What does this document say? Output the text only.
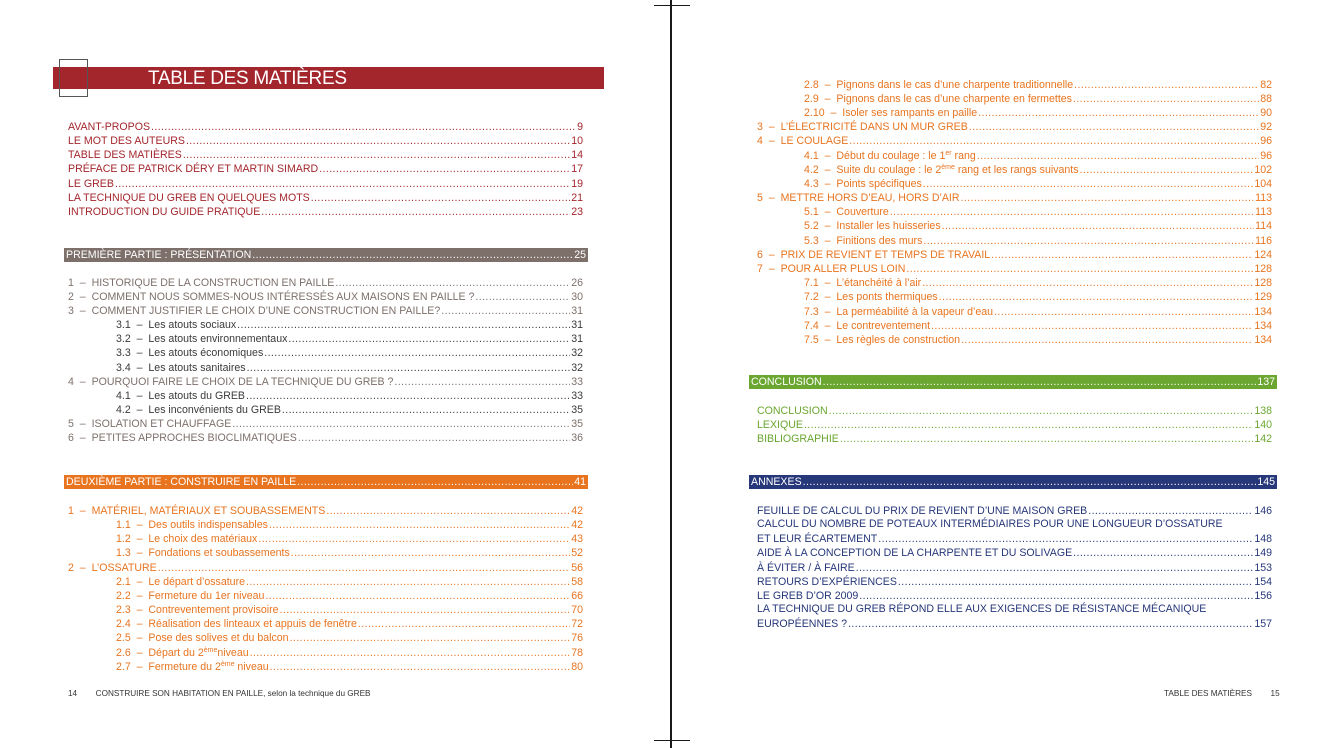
TABLE DES MATIÈRES
AVANT-PROPOS .....	9
LE MOT DES AUTEURS .....	10
TABLE DES MATIÈRES .....	14
PRÉFACE DE PATRICK DÉRY ET MARTIN SIMARD .....	17
LE GREB .....	19
LA TECHNIQUE DU GREB EN QUELQUES MOTS .....	21
INTRODUCTION DU GUIDE PRATIQUE .....	23
PREMIÈRE PARTIE : PRÉSENTATION .....	25
1  –  HISTORIQUE DE LA CONSTRUCTION EN PAILLE .....	26
2  –  COMMENT NOUS SOMMES-NOUS INTÉRESSÉS AUX MAISONS EN PAILLE ? .....	30
3  –  COMMENT JUSTIFIER LE CHOIX D’UNE CONSTRUCTION EN PAILLE? .....	31
3.1  –  Les atouts sociaux .....	31
3.2  –  Les atouts environnementaux .....	31
3.3  –  Les atouts économiques .....	32
3.4  –  Les atouts sanitaires .....	32
4  –  POURQUOI FAIRE LE CHOIX DE LA TECHNIQUE DU GREB ? .....	33
4.1  –  Les atouts du GREB .....	33
4.2  –  Les inconvénients du GREB .....	35
5  –  ISOLATION ET CHAUFFAGE .....	35
6  –  PETITES APPROCHES BIOCLIMATIQUES .....	36
DEUXIÈME PARTIE : CONSTRUIRE EN PAILLE .....	41
1  –  MATÉRIEL, MATÉRIAUX ET SOUBASSEMENTS .....	42
1.1  –  Des outils indispensables .....	42
1.2  –  Le choix des matériaux .....	43
1.3  –  Fondations et soubassements .....	52
2  –  L’OSSATURE .....	56
2.1  –  Le départ d’ossature .....	58
2.2  –  Fermeture du 1er niveau .....	66
2.3  –  Contreventement provisoire .....	70
2.4  –  Réalisation des linteaux et appuis de fenêtre .....	72
2.5  –  Pose des solives et du balcon .....	76
2.6  –  Départ du 2èmeniveau .....	78
2.7  –  Fermeture du 2ème niveau .....	80
14 CONSTRUIRE SON HABITATION EN PAILLE, selon la technique du GREB
2.8  –  Pignons dans le cas d’une charpente traditionnelle .....	82
2.9  –  Pignons dans le cas d’une charpente en fermettes .....	88
2.10  –  Isoler ses rampants en paille .....	90
3  –  L’ÉLECTRICITÉ DANS UN MUR GREB .....	92
4  –  LE COULAGE .....	96
4.1  –  Début du coulage : le 1er rang .....	96
4.2  –  Suite du coulage : le 2ème rang et les rangs suivants .....	102
4.3  –  Points spécifiques .....	104
5  –  METTRE HORS D’EAU, HORS D’AIR .....	113
5.1  –  Couverture .....	113
5.2  –  Installer les huisseries .....	114
5.3  –  Finitions des murs .....	116
6  –  PRIX DE REVIENT ET TEMPS DE TRAVAIL .....	124
7  –  POUR ALLER PLUS LOIN .....	128
7.1  –  L’étanchéité à l’air .....	128
7.2  –  Les ponts thermiques .....	129
7.3  –  La perméabilité à la vapeur d’eau .....	134
7.4  –  Le contreventement .....	134
7.5  –  Les règles de construction .....	134
CONCLUSION .....	137
CONCLUSION .....	138
LEXIQUE .....	140
BIBLIOGRAPHIE .....	142
ANNEXES .....	145
FEUILLE DE CALCUL DU PRIX DE REVIENT D’UNE MAISON GREB .....	146
CALCUL DU NOMBRE DE POTEAUX INTERMÉDIAIRES POUR UNE LONGUEUR D’OSSATURE
ET LEUR ÉCARTEMENT .....	148
AIDE À LA CONCEPTION DE LA CHARPENTE ET DU SOLIVAGE .....	149
À ÉVITER / À FAIRE .....	153
RETOURS D’EXPÉRIENCES .....	154
LE GREB D’OR 2009 .....	156
LA TECHNIQUE DU GREB RÉPOND ELLE AUX EXIGENCES DE RÉSISTANCE MÉCANIQUE
EUROPÉENNES ? .....	157
TABLE DES MATIÈRES 15
